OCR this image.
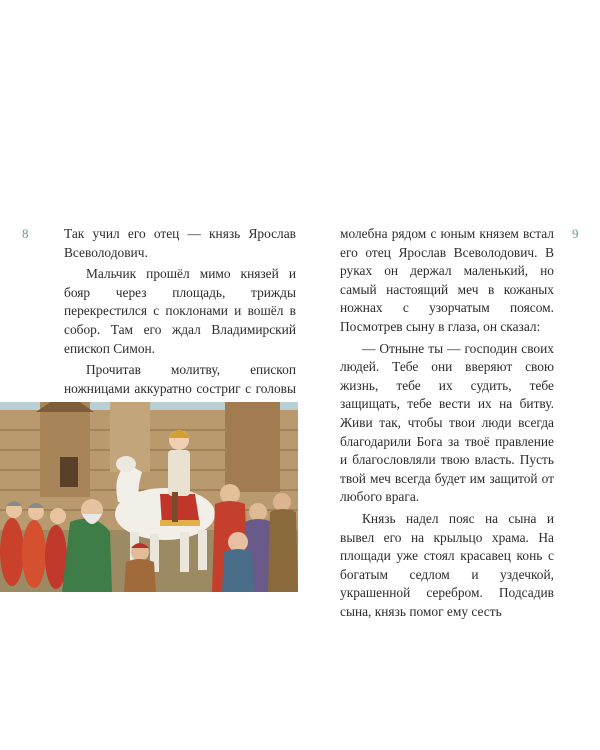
8	9

Так учил его отец — князь Ярослав Всеволодович.

Мальчик прошёл мимо князей и бояр через площадь, трижды перекрестился с поклонами и вошёл в собор. Там его ждал Владимирский епископ Симон.

Прочитав молитву, епископ ножницами аккуратно состриг с головы

молебна рядом с юным князем встал его отец Ярослав Всеволодович. В руках он держал маленький, но самый настоящий меч в кожаных ножнах с узорчатым поясом. Посмотрев сыну в глаза, он сказал:

— Отныне ты — господин своих людей. Тебе они вверяют свою жизнь, тебе их судить, тебе защищать, тебе вести их на битву. Живи так, чтобы твои люди всегда благодарили Бога за твоё правление и благословляли твою власть. Пусть твой меч всегда будет им защитой от любого врага.

Князь надел пояс на сына и вывел его на крыльцо храма. На площади уже стоял красавец конь с богатым седлом и уздечкой, украшенной серебром. Подсадив сына, князь помог ему сесть
